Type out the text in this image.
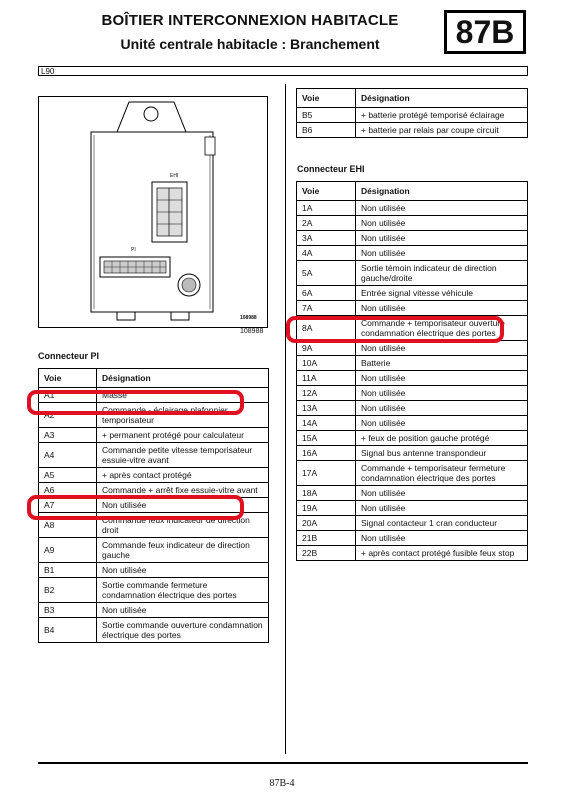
BOÎTIER INTERCONNEXION HABITACLE
Unité centrale habitacle : Branchement	87B
L90
EHI
PI
108988
108988
Connecteur PI
Voie	Désignation
A1	Masse
A2	Commande - éclairage plafonnier temporisateur
A3	+ permanent protégé pour calculateur
A4	Commande petite vitesse temporisateur essuie-vitre avant
A5	+ après contact protégé
A6	Commande + arrêt fixe essuie-vitre avant
A7	Non utilisée
A8	Commande feux indicateur de direction droit
A9	Commande feux indicateur de direction gauche
B1	Non utilisée
B2	Sortie commande fermeture condamnation électrique des portes
B3	Non utilisée
B4	Sortie commande ouverture condamnation électrique des portes
Voie	Désignation
B5	+ batterie protégé temporisé éclairage
B6	+ batterie par relais par coupe circuit
Connecteur EHI
Voie	Désignation
1A	Non utilisée
2A	Non utilisée
3A	Non utilisée
4A	Non utilisée
5A	Sortie témoin indicateur de direction gauche/droite
6A	Entrée signal vitesse véhicule
7A	Non utilisée
8A	Commande + temporisateur ouverture condamnation électrique des portes
9A	Non utilisée
10A	Batterie
11A	Non utilisée
12A	Non utilisée
13A	Non utilisée
14A	Non utilisée
15A	+ feux de position gauche protégé
16A	Signal bus antenne transpondeur
17A	Commande + temporisateur fermeture condamnation électrique des portes
18A	Non utilisée
19A	Non utilisée
20A	Signal contacteur 1 cran conducteur
21B	Non utilisée
22B	+ après contact protégé fusible feux stop
87B-4
